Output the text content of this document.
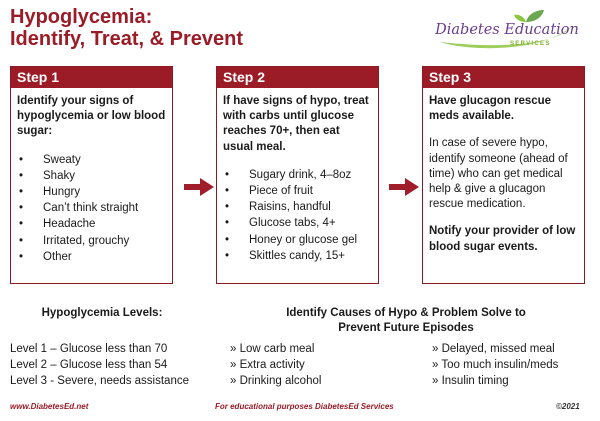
Hypoglycemia:
Identify, Treat, & Prevent	Diabetes Education
SERVICES
Step 1
Identify your signs of hypoglycemia or low blood sugar:
• Sweaty
• Shaky
• Hungry
• Can’t think straight
• Headache
• Irritated, grouchy
• Other
Step 2
If have signs of hypo, treat with carbs until glucose reaches 70+, then eat usual meal.
• Sugary drink, 4–8oz
• Piece of fruit
• Raisins, handful
• Glucose tabs, 4+
• Honey or glucose gel
• Skittles candy, 15+
Step 3
Have glucagon rescue meds available.
In case of severe hypo, identify someone (ahead of time) who can get medical help & give a glucagon rescue medication.
Notify your provider of low blood sugar events.
Hypoglycemia Levels:
Level 1 – Glucose less than 70
Level 2 – Glucose less than 54
Level 3 - Severe, needs assistance
Identify Causes of Hypo & Problem Solve to
Prevent Future Episodes
» Low carb meal
» Extra activity
» Drinking alcohol
» Delayed, missed meal
» Too much insulin/meds
» Insulin timing
www.DiabetesEd.net	For educational purposes DiabetesEd Services	©2021
